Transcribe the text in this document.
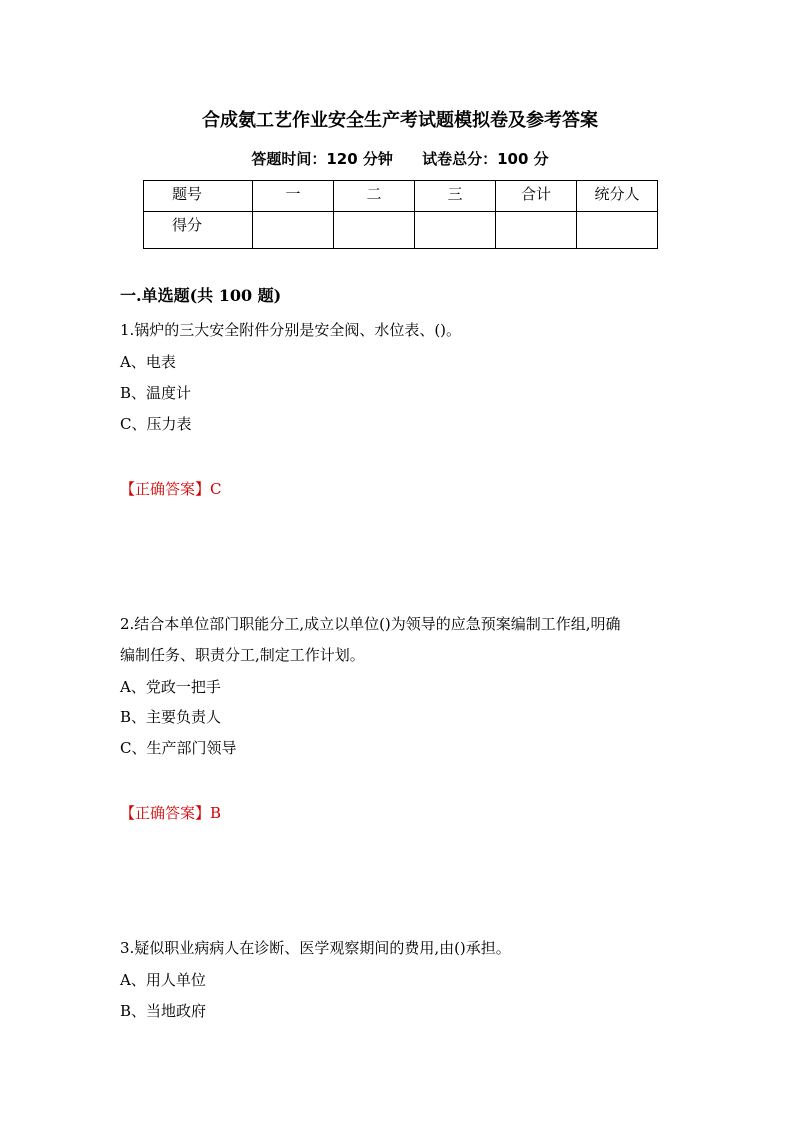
合成氨工艺作业安全生产考试题模拟卷及参考答案
答题时间：120 分钟 试卷总分：100 分
题号	一	二	三	合计	统分人
得分					
一.单选题(共 100 题)
1.锅炉的三大安全附件分别是安全阀、水位表、()。
A、电表
B、温度计
C、压力表
【正确答案】C
2.结合本单位部门职能分工,成立以单位()为领导的应急预案编制工作组,明确
编制任务、职责分工,制定工作计划。
A、党政一把手
B、主要负责人
C、生产部门领导
【正确答案】B
3.疑似职业病病人在诊断、医学观察期间的费用,由()承担。
A、用人单位
B、当地政府
